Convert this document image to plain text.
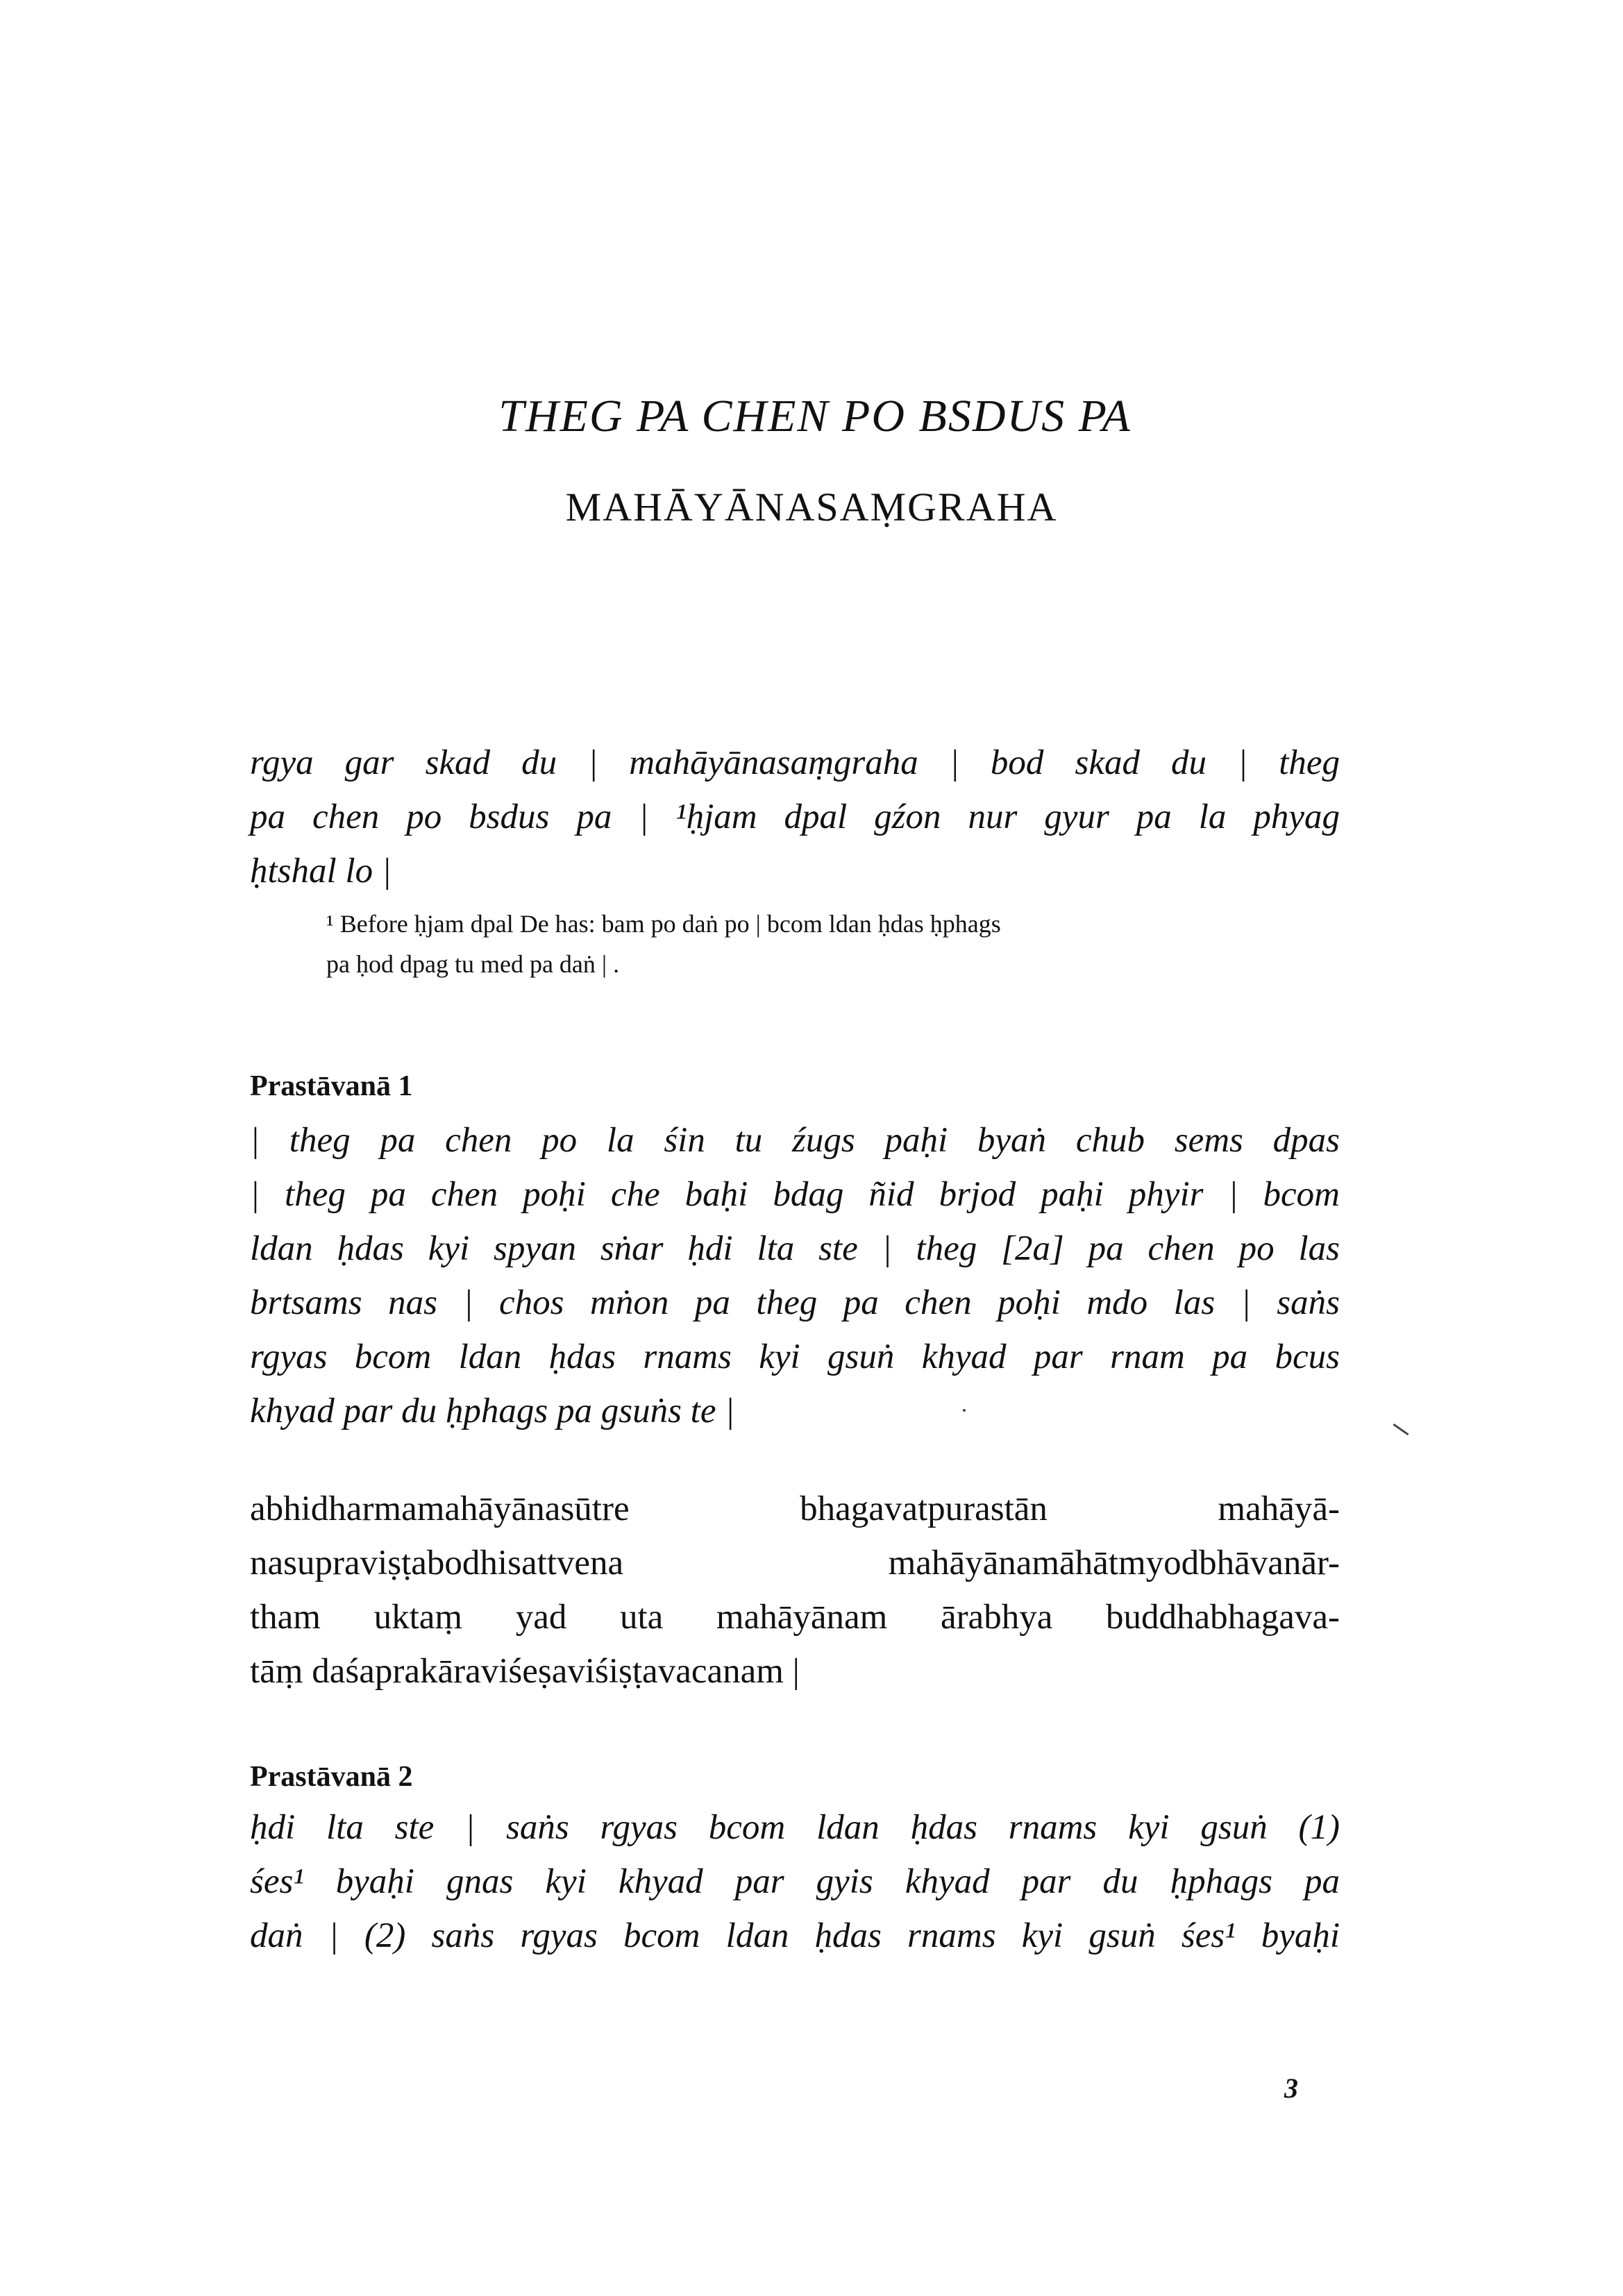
THEG PA CHEN PO BSDUS PA
MAHĀYĀNASAṂGRAHA
rgya gar skad du | mahāyānasaṃgraha | bod skad du | theg
pa chen po bsdus pa | ¹ḥjam dpal gźon nur gyur pa la phyag
ḥtshal lo |
¹ Before ḥjam dpal De has: bam po daṅ po | bcom ldan ḥdas ḥphags
pa ḥod dpag tu med pa daṅ | .
Prastāvanā 1
| theg pa chen po la śin tu źugs paḥi byaṅ chub sems dpas
| theg pa chen poḥi che baḥi bdag ñid brjod paḥi phyir | bcom
ldan ḥdas kyi spyan sṅar ḥdi lta ste | theg [2a] pa chen po las
brtsams nas | chos mṅon pa theg pa chen poḥi mdo las | saṅs
rgyas bcom ldan ḥdas rnams kyi gsuṅ khyad par rnam pa bcus
khyad par du ḥphags pa gsuṅs te |
abhidharmamahāyānasūtre bhagavatpurastān mahāyā-
nasupraviṣṭabodhisattvena mahāyānamāhātmyodbhāvanār-
tham uktaṃ yad uta mahāyānam ārabhya buddhabhagava-
tāṃ daśaprakāraviśeṣaviśiṣṭavacanam |
Prastāvanā 2
ḥdi lta ste | saṅs rgyas bcom ldan ḥdas rnams kyi gsuṅ (1)
śes¹ byaḥi gnas kyi khyad par gyis khyad par du ḥphags pa
daṅ | (2) saṅs rgyas bcom ldan ḥdas rnams kyi gsuṅ śes¹ byaḥi
3
